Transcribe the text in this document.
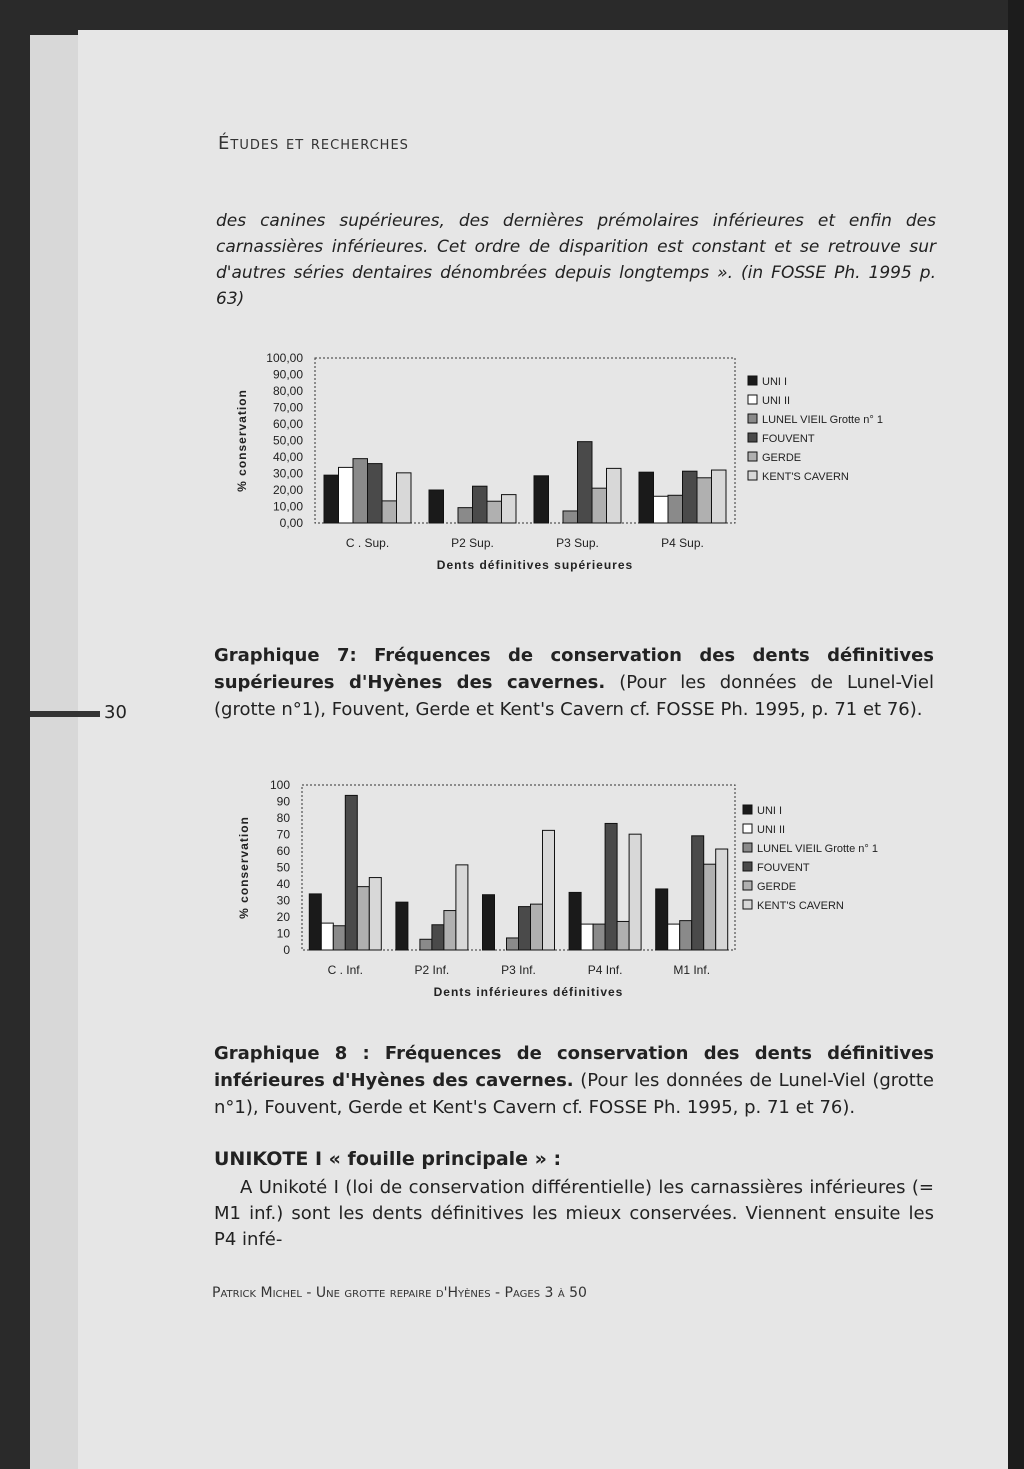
Études et recherches
des canines supérieures, des dernières prémolaires inférieures et enfin des carnassières inférieures. Cet ordre de disparition est constant et se retrouve sur d'autres séries dentaires dénombrées depuis longtemps ». (in FOSSE Ph. 1995 p. 63)
0,00
10,00
20,00
30,00
40,00
50,00
60,00
70,00
80,00
90,00
100,00
% conservation
C . Sup.	P2 Sup.	P3 Sup.	P4 Sup.
Dents définitives supérieures
UNI I
UNI II
LUNEL VIEIL Grotte n° 1
FOUVENT
GERDE
KENT'S CAVERN
Graphique 7: Fréquences de conservation des dents définitives supérieures d'Hyènes des cavernes. (Pour les données de Lunel-Viel (grotte n°1), Fouvent, Gerde et Kent's Cavern cf. FOSSE Ph. 1995, p. 71 et 76).
30
0
10
20
30
40
50
60
70
80
90
100
% conservation
C . Inf.	P2 Inf.	P3 Inf.	P4 Inf.	M1 Inf.
Dents inférieures définitives
UNI I
UNI II
LUNEL VIEIL Grotte n° 1
FOUVENT
GERDE
KENT'S CAVERN
Graphique 8 : Fréquences de conservation des dents définitives inférieures d'Hyènes des cavernes. (Pour les données de Lunel-Viel (grotte n°1), Fouvent, Gerde et Kent's Cavern cf. FOSSE Ph. 1995, p. 71 et 76).
UNIKOTE I « fouille principale » :
A Unikoté I (loi de conservation différentielle) les carnassières inférieures (= M1 inf.) sont les dents définitives les mieux conservées. Viennent ensuite les P4 infé-
Patrick Michel - Une grotte repaire d'Hyènes - Pages 3 à 50
